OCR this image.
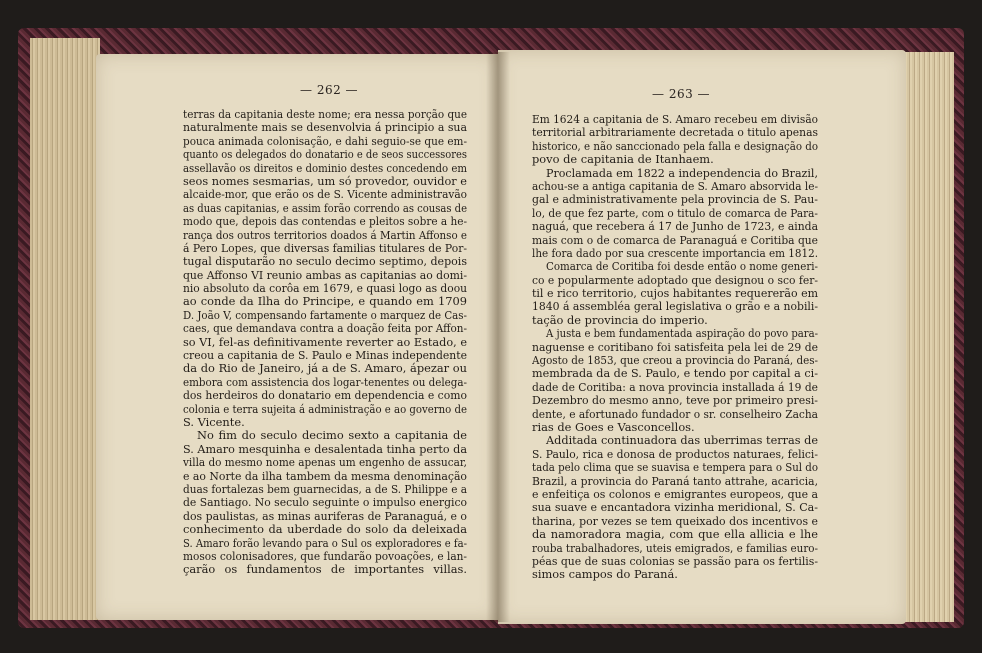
— 262 —	— 263 —
terras da capitania deste nome; era nessa porção que
naturalmente mais se desenvolvia á principio a sua
pouca animada colonisação, e dahi seguio-se que em-
quanto os delegados do donatario e de seos successores
assellavão os direitos e dominio destes concedendo em
seos nomes sesmarias, um só provedor, ouvidor e
alcaide-mor, que erão os de S. Vicente administravão
as duas capitanias, e assim forão correndo as cousas de
modo que, depois das contendas e pleitos sobre a he-
rança dos outros territorios doados á Martin Affonso e
á Pero Lopes, que diversas familias titulares de Por-
tugal disputarão no seculo decimo septimo, depois
que Affonso VI reunio ambas as capitanias ao domi-
nio absoluto da corôa em 1679, e quasi logo as doou
ao conde da Ilha do Principe, e quando em 1709
D. João V, compensando fartamente o marquez de Cas-
caes, que demandava contra a doação feita por Affon-
so VI, fel-as definitivamente reverter ao Estado, e
creou a capitania de S. Paulo e Minas independente
da do Rio de Janeiro, já a de S. Amaro, ápezar ou
embora com assistencia dos logar-tenentes ou delega-
dos herdeiros do donatario em dependencia e como
colonia e terra sujeita á administração e ao governo de
S. Vicente.
No fim do seculo decimo sexto a capitania de
S. Amaro mesquinha e desalentada tinha perto da
villa do mesmo nome apenas um engenho de assucar,
e ao Norte da ilha tambem da mesma denominação
duas fortalezas bem guarnecidas, a de S. Philippe e a
de Santiago. No seculo seguinte o impulso energico
dos paulistas, as minas auriferas de Paranaguá, e o
conhecimento da uberdade do solo da deleixada
S. Amaro forão levando para o Sul os exploradores e fa-
mosos colonisadores, que fundarão povoações, e lan-
çarão os fundamentos de importantes villas.
Em 1624 a capitania de S. Amaro recebeu em divisão
territorial arbitrariamente decretada o titulo apenas
historico, e não sanccionado pela falla e designação do
povo de capitania de Itanhaem.
Proclamada em 1822 a independencia do Brazil,
achou-se a antiga capitania de S. Amaro absorvida le-
gal e administrativamente pela provincia de S. Pau-
lo, de que fez parte, com o titulo de comarca de Para-
naguá, que recebera á 17 de Junho de 1723, e ainda
mais com o de comarca de Paranaguá e Coritiba que
lhe fora dado por sua crescente importancia em 1812.
Comarca de Coritiba foi desde então o nome generi-
co e popularmente adoptado que designou o sco fer-
til e rico territorio, cujos habitantes requererão em
1840 á assembléa geral legislativa o grão e a nobili-
tação de provincia do imperio.
A justa e bem fundamentada aspiração do povo para-
naguense e coritibano foi satisfeita pela lei de 29 de
Agosto de 1853, que creou a provincia do Paraná, des-
membrada da de S. Paulo, e tendo por capital a ci-
dade de Coritiba: a nova provincia installada á 19 de
Dezembro do mesmo anno, teve por primeiro presi-
dente, e afortunado fundador o sr. conselheiro Zacha
rias de Goes e Vasconcellos.
Additada continuadora das uberrimas terras de
S. Paulo, rica e donosa de productos naturaes, felici-
tada pelo clima que se suavisa e tempera para o Sul do
Brazil, a provincia do Paraná tanto attrahe, acaricia,
e enfeitiça os colonos e emigrantes europeos, que a
sua suave e encantadora vizinha meridional, S. Ca-
tharina, por vezes se tem queixado dos incentivos e
da namoradora magia, com que ella allicia e lhe
rouba trabalhadores, uteis emigrados, e familias euro-
péas que de suas colonias se passão para os fertilis-
simos campos do Paraná.
